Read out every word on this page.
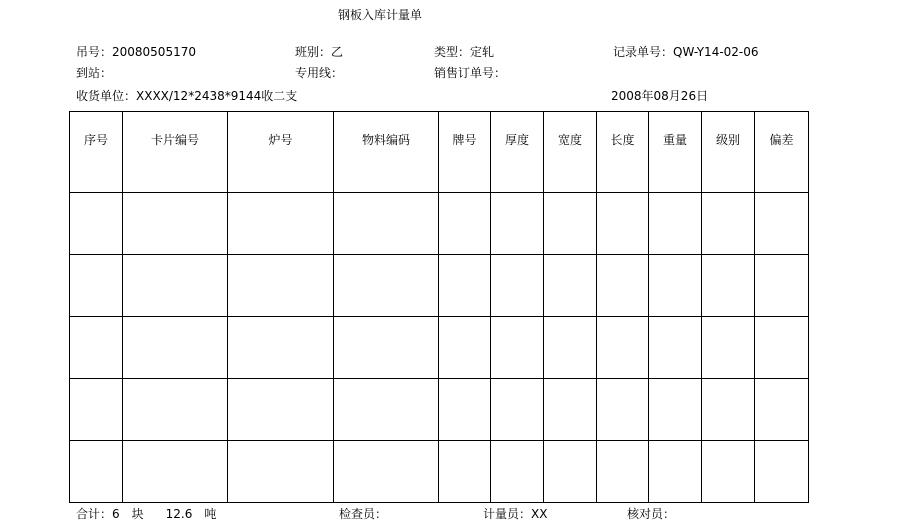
钢板入库计量单
吊号：20080505170	班别：乙	类型：定轧	记录单号：QW-Y14-02-06
到站：	专用线：	销售订单号：
收货单位：XXXX/12*2438*9144收二支	2008年08月26日
序号	卡片编号	炉号	物料编码	牌号	厚度	宽度	长度	重量	级别	偏差

合计：6 块 12.6 吨	检查员：	计量员：XX	核对员：
